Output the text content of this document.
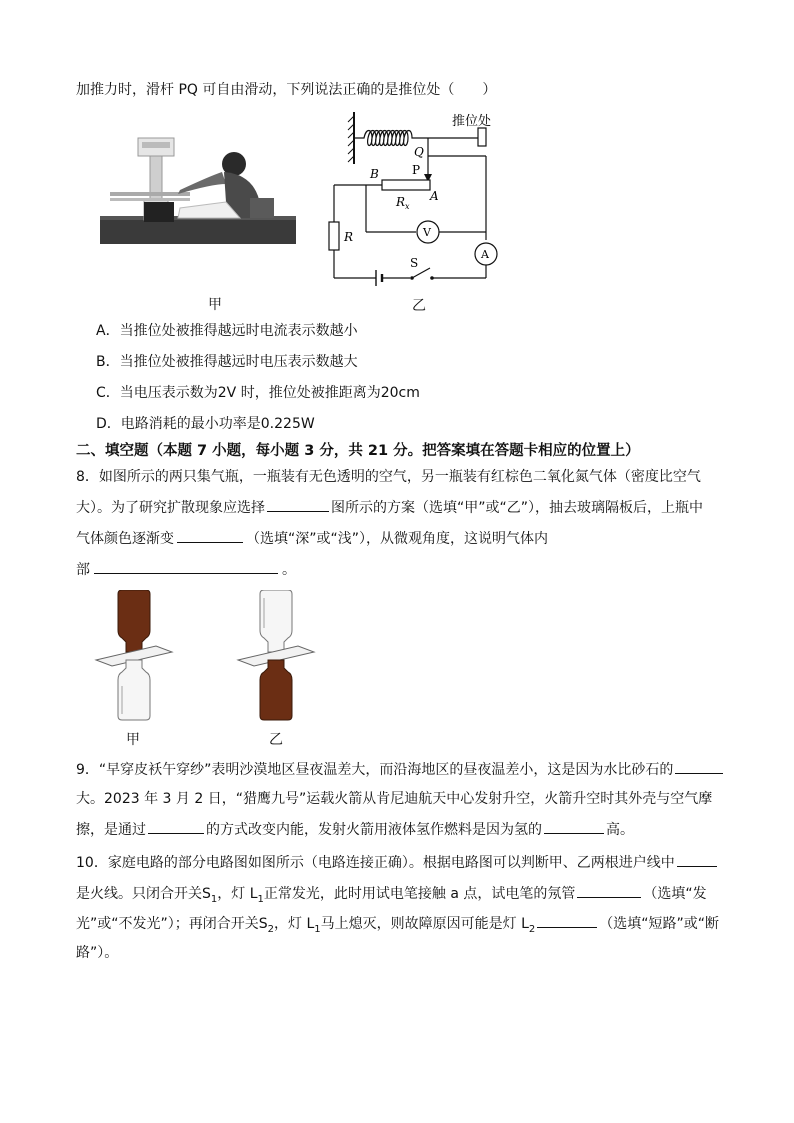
加推力时，滑杆 PQ 可自由滑动，下列说法正确的是推位处（　　）
甲
推位处
Q
P
B
A
$R_x$
R	V
A
S
乙
A．当推位处被推得越远时电流表示数越小
B．当推位处被推得越远时电压表示数越大
C．当电压表示数为2V 时，推位处被推距离为20cm
D．电路消耗的最小功率是0.225W
二、填空题（本题 7 小题，每小题 3 分，共 21 分。把答案填在答题卡相应的位置上）
8．如图所示的两只集气瓶，一瓶装有无色透明的空气，另一瓶装有红棕色二氧化氮气体（密度比空气
大）。为了研究扩散现象应选择	图所示的方案（选填“甲”或“乙”），抽去玻璃隔板后，上瓶中
气体颜色逐渐变	（选填“深”或“浅”），从微观角度，这说明气体内
部	。
甲	乙
9．“早穿皮袄午穿纱”表明沙漠地区昼夜温差大，而沿海地区的昼夜温差小，这是因为水比砂石的
大。2023 年 3 月 2 日，“猎鹰九号”运载火箭从肯尼迪航天中心发射升空，火箭升空时其外壳与空气摩
擦，是通过	的方式改变内能，发射火箭用液体氢作燃料是因为氢的	高。
10．家庭电路的部分电路图如图所示（电路连接正确）。根据电路图可以判断甲、乙两根进户线中
是火线。只闭合开关$S_1$，灯 $L_1$正常发光，此时用试电笔接触 a 点，试电笔的氖管	（选填“发
光”或“不发光”）；再闭合开关$S_2$，灯 $L_1$马上熄灭，则故障原因可能是灯 $L_2$	（选填“短路”或“断
路”）。
